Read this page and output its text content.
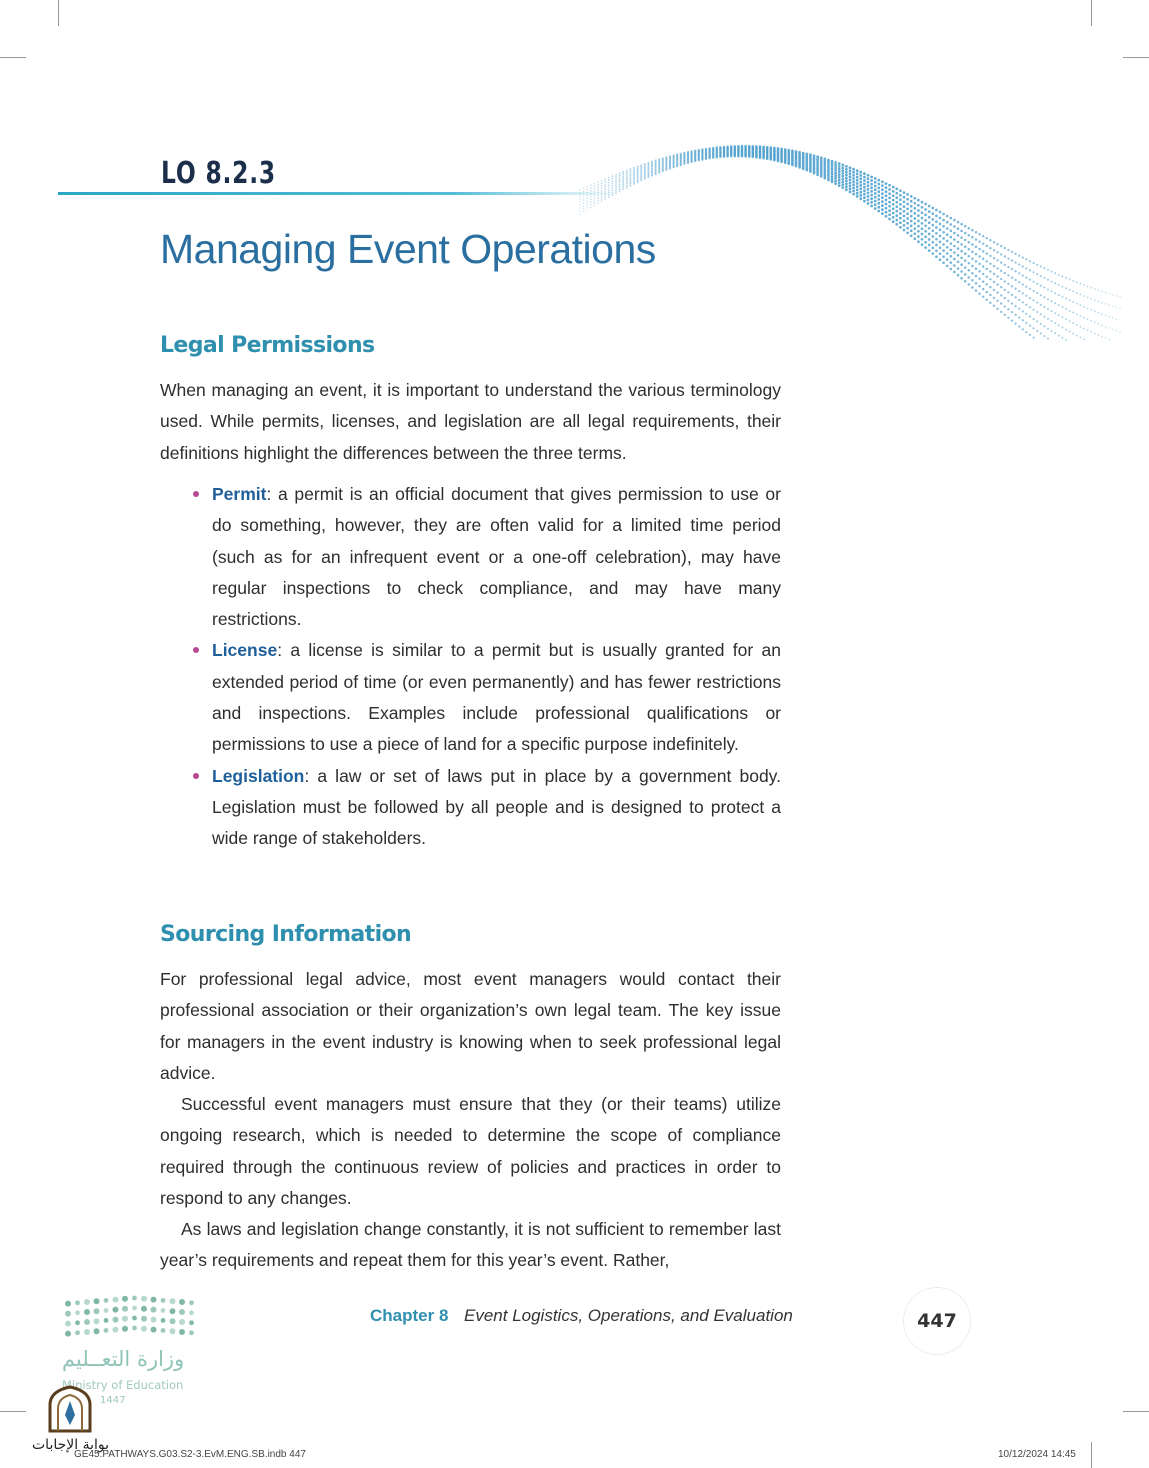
LO 8.2.3
Managing Event Operations
Legal Permissions

When managing an event, it is important to understand the various terminology used. While permits, licenses, and legislation are all legal requirements, their definitions highlight the differences between the three terms.

Permit: a permit is an official document that gives permission to use or do something, however, they are often valid for a limited time period (such as for an infrequent event or a one-off celebration), may have regular inspections to check compliance, and may have many restrictions.
License: a license is similar to a permit but is usually granted for an extended period of time (or even permanently) and has fewer restrictions and inspections. Examples include professional qualifications or permissions to use a piece of land for a specific purpose indefinitely.
Legislation: a law or set of laws put in place by a government body. Legislation must be followed by all people and is designed to protect a wide range of stakeholders.
Sourcing Information

For professional legal advice, most event managers would contact their professional association or their organization’s own legal team. The key issue for managers in the event industry is knowing when to seek professional legal advice.

Successful event managers must ensure that they (or their teams) utilize ongoing research, which is needed to determine the scope of compliance required through the continuous review of policies and practices in order to respond to any changes.

As laws and legislation change constantly, it is not sufficient to remember last year’s requirements and repeat them for this year’s event. Rather,

Chapter 8 Event Logistics, Operations, and Evaluation	447
وزارة التعــليم
Ministry of Education
1447
بوابة الإجابات
GE45.PATHWAYS.G03.S2-3.EvM.ENG.SB.indb 447	10/12/2024 14:45
